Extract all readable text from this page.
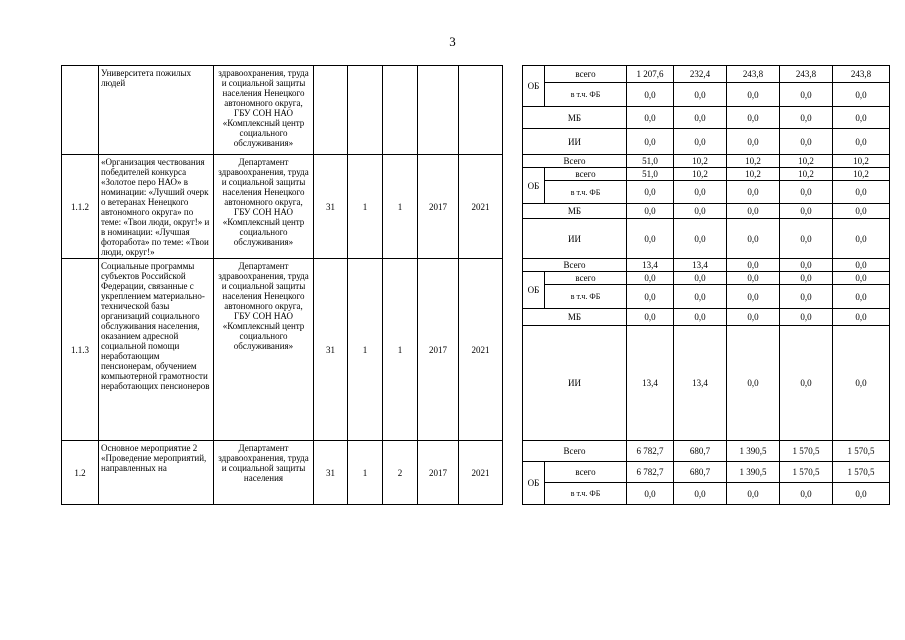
3
	Университета пожилых людей	здравоохранения, труда и социальной защиты населения Ненецкого автономного округа, ГБУ СОН НАО «Комплексный центр социального обслуживания»							ОБ	всего	1 207,6	232,4	243,8	243,8	243,8	
										в т.ч. ФБ	0,0	0,0	0,0	0,0	0,0	
									МБ		0,0	0,0	0,0	0,0	0,0	
									ИИ		0,0	0,0	0,0	0,0	0,0	
1.1.2	«Организация чествования победителей конкурса «Золотое перо НАО» в номинации: «Лучший очерк о ветеранах Ненецкого автономного округа» по теме: «Твои люди, округ!» и в номинации: «Лучшая фоторабота» по теме: «Твои люди, округ!»	Департамент здравоохранения, труда и социальной защиты населения Ненецкого автономного округа, ГБУ СОН НАО «Комплексный центр социального обслуживания»	31	1	1	2017	2021		Всего		51,0	10,2	10,2	10,2	10,2	
									ОБ	всего	51,0	10,2	10,2	10,2	10,2	
										в т.ч. ФБ	0,0	0,0	0,0	0,0	0,0	
									МБ		0,0	0,0	0,0	0,0	0,0	
									ИИ		0,0	0,0	0,0	0,0	0,0	
1.1.3	Социальные программы субъектов Российской Федерации, связанные с укреплением материально-технической базы организаций социального обслуживания населения, оказанием адресной социальной помощи неработающим пенсионерам, обучением компьютерной грамотности неработающих пенсионеров	Департамент здравоохранения, труда и социальной защиты населения Ненецкого автономного округа, ГБУ СОН НАО «Комплексный центр социального обслуживания»	31	1	1	2017	2021		Всего		13,4	13,4	0,0	0,0	0,0	
									ОБ	всего	0,0	0,0	0,0	0,0	0,0	
										в т.ч. ФБ	0,0	0,0	0,0	0,0	0,0	
									МБ		0,0	0,0	0,0	0,0	0,0	
									ИИ		13,4	13,4	0,0	0,0	0,0	
1.2	Основное мероприятие 2 «Проведение мероприятий, направленных на	Департамент здравоохранения, труда и социальной защиты населения	31	1	2	2017	2021		Всего		6 782,7	680,7	1 390,5	1 570,5	1 570,5	
									ОБ	всего	6 782,7	680,7	1 390,5	1 570,5	1 570,5	
										в т.ч. ФБ	0,0	0,0	0,0	0,0	0,0	
